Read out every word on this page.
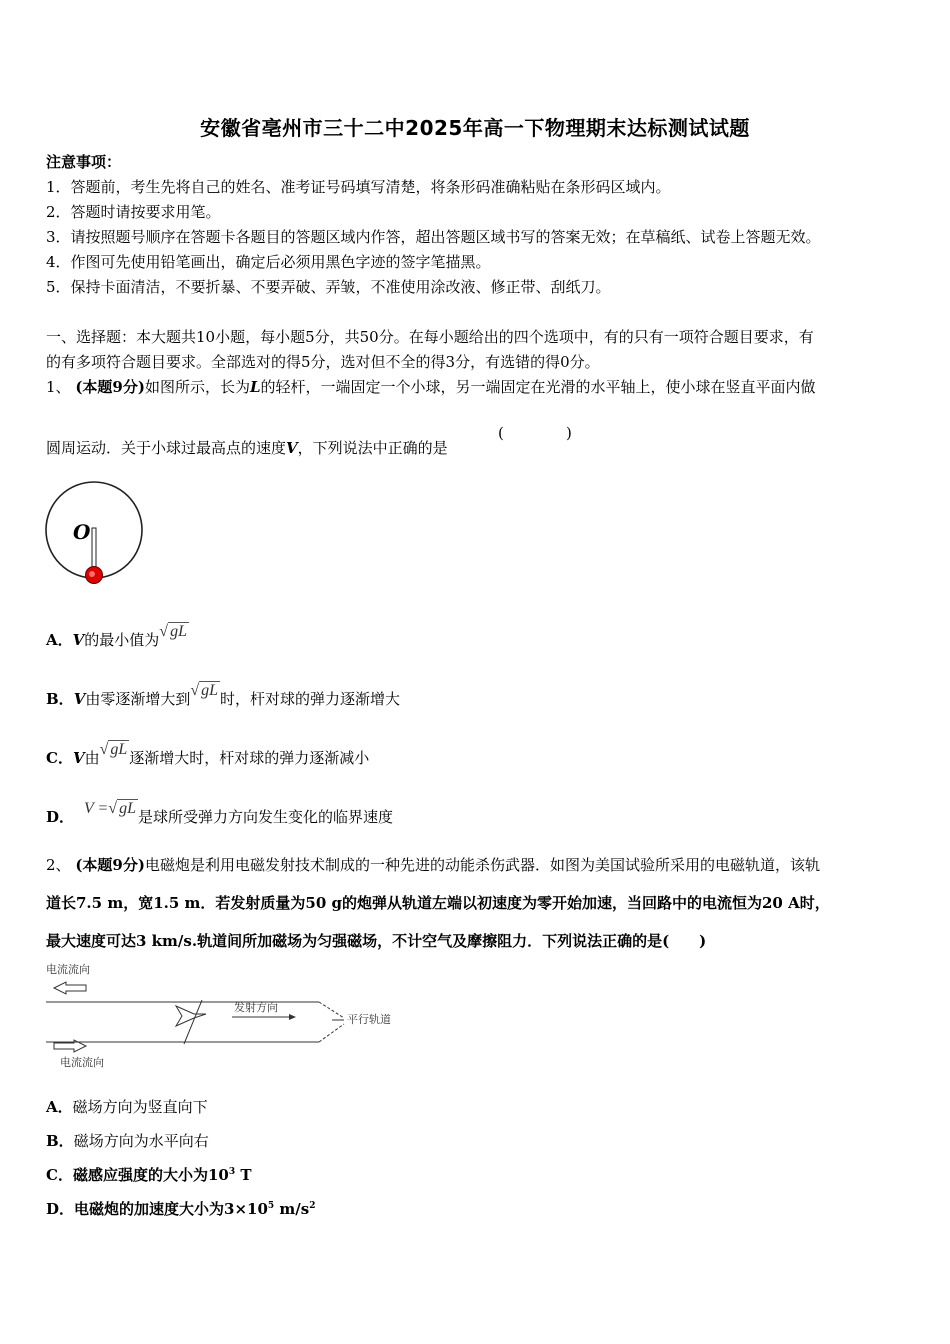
安徽省亳州市三十二中2025年高一下物理期末达标测试试题
注意事项：
1．答题前，考生先将自己的姓名、准考证号码填写清楚，将条形码准确粘贴在条形码区域内。
2．答题时请按要求用笔。
3．请按照题号顺序在答题卡各题目的答题区域内作答，超出答题区域书写的答案无效；在草稿纸、试卷上答题无效。
4．作图可先使用铅笔画出，确定后必须用黑色字迹的签字笔描黑。
5．保持卡面清洁，不要折暴、不要弄破、弄皱，不准使用涂改液、修正带、刮纸刀。
一、选择题：本大题共10小题，每小题5分，共50分。在每小题给出的四个选项中，有的只有一项符合题目要求，有
的有多项符合题目要求。全部选对的得5分，选对但不全的得3分，有选错的得0分。
1、 (本题9分)如图所示，长为L的轻杆，一端固定一个小球，另一端固定在光滑的水平轴上，使小球在竖直平面内做
圆周运动．关于小球过最高点的速度V，下列说法中正确的是
(	)
O
A．V的最小值为√ gL
B．V由零逐渐增大到√ gL 时，杆对球的弹力逐渐增大
C．V由√ gL 逐渐增大时，杆对球的弹力逐渐减小
D． V =√ gL 是球所受弹力方向发生变化的临界速度
2、 (本题9分)电磁炮是利用电磁发射技术制成的一种先进的动能杀伤武器．如图为美国试验所采用的电磁轨道，该轨
道长7.5 m，宽1.5 m．若发射质量为50 g的炮弹从轨道左端以初速度为零开始加速，当回路中的电流恒为20 A时，
最大速度可达3 km/s.轨道间所加磁场为匀强磁场，不计空气及摩擦阻力．下列说法正确的是(　　)
电流流向
平行轨道
发射方向
电流流向
A．磁场方向为竖直向下
B．磁场方向为水平向右
C．磁感应强度的大小为$10^3$ T
D．电磁炮的加速度大小为$3\times 10^5$ $m/s^2$
